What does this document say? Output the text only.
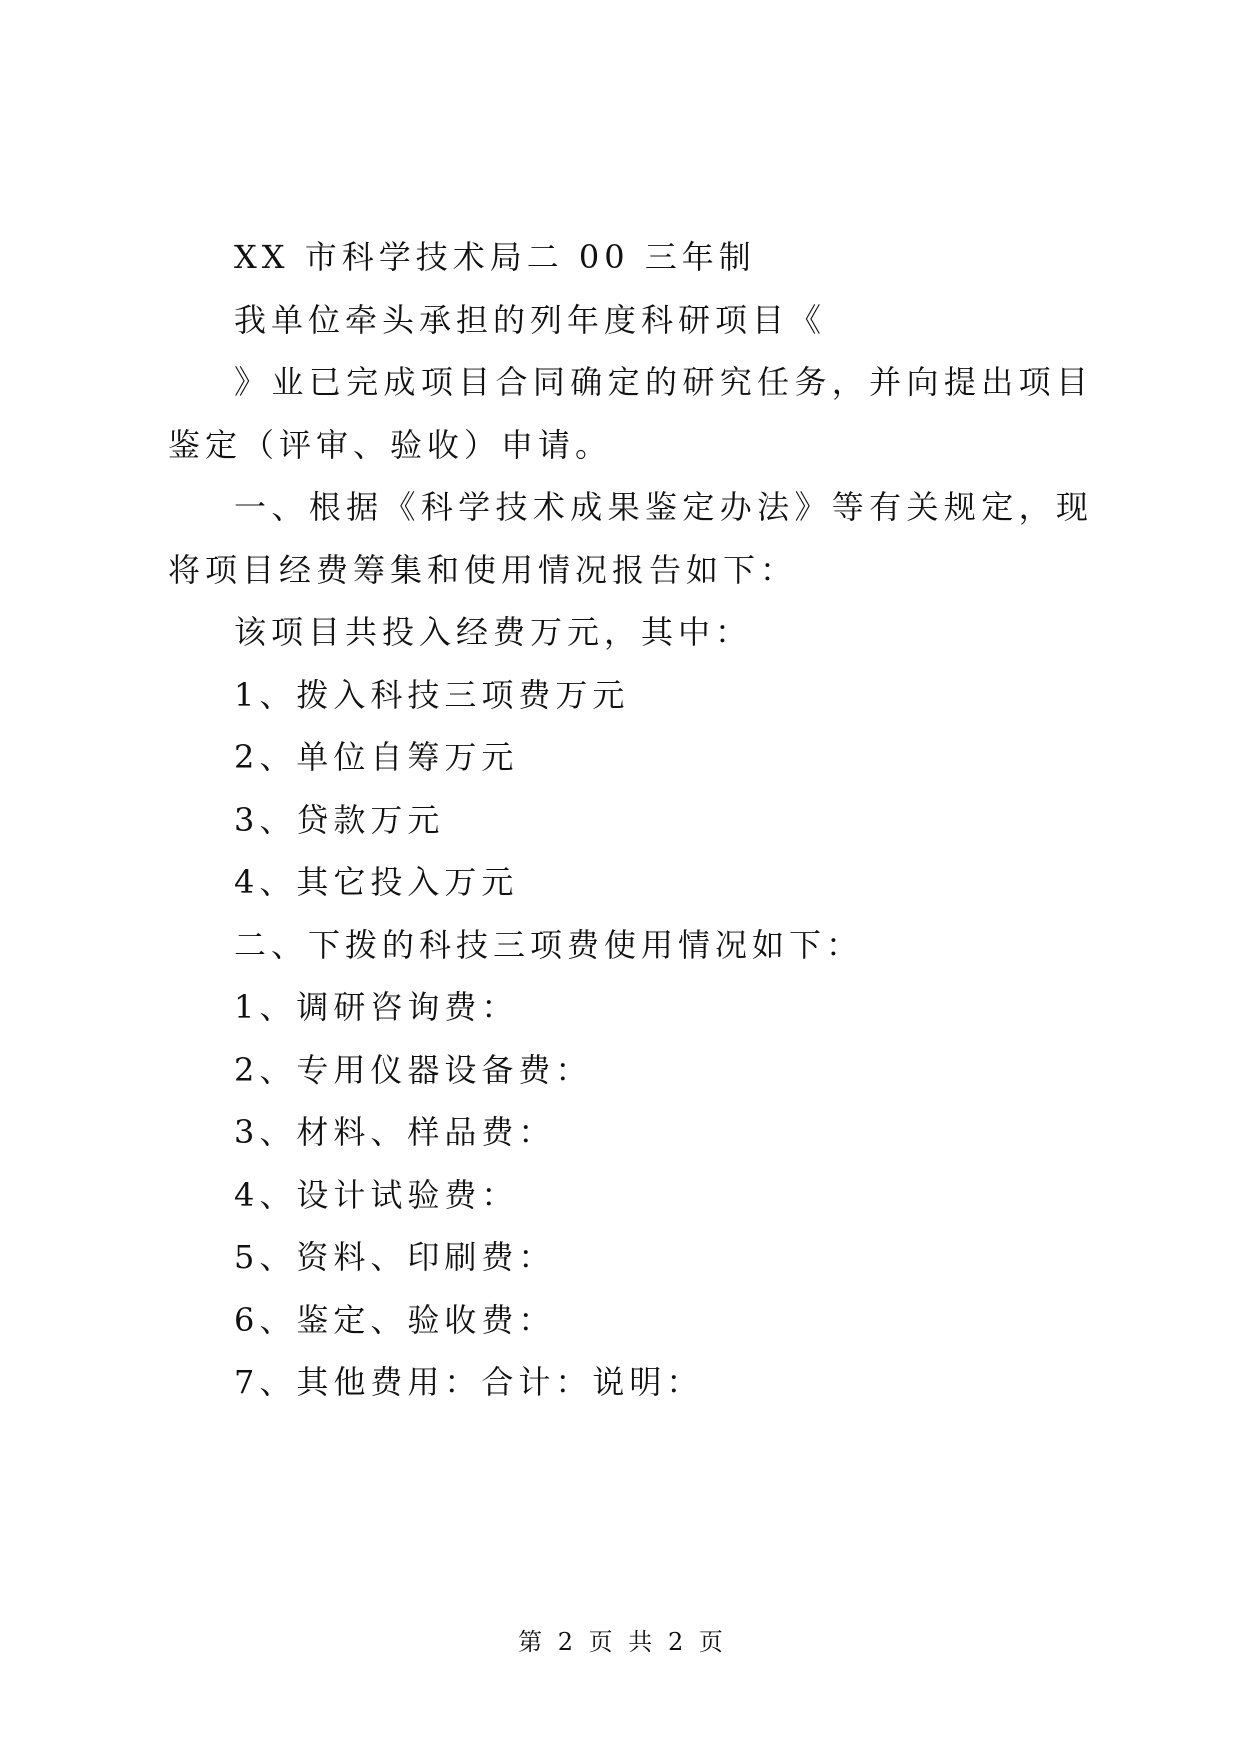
XX 市科学技术局二 00 三年制

我单位牵头承担的列年度科研项目《

》业已完成项目合同确定的研究任务，并向提出项目鉴定（评审、验收）申请。

一、根据《科学技术成果鉴定办法》等有关规定，现将项目经费筹集和使用情况报告如下：

该项目共投入经费万元，其中：

1、拨入科技三项费万元

2、单位自筹万元

3、贷款万元

4、其它投入万元

二、下拨的科技三项费使用情况如下：

1、调研咨询费：

2、专用仪器设备费：

3、材料、样品费：

4、设计试验费：

5、资料、印刷费：

6、鉴定、验收费：

7、其他费用：合计：说明：

第 2 页 共 2 页
